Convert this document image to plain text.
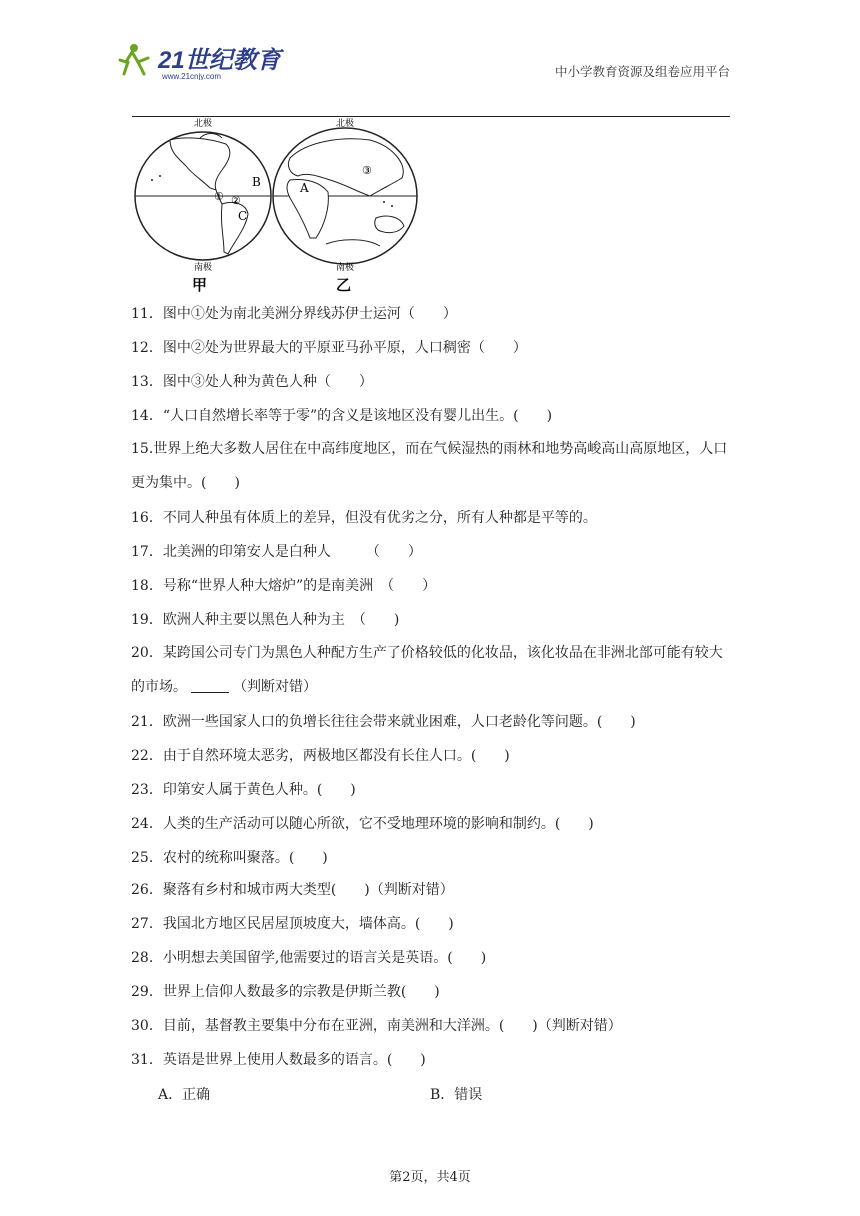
21世纪教育
www.21cnjy.com	中小学教育资源及组卷应用平台
北极
南极
B
C
① ②
甲
北极
南极
A
③
乙
11．图中①处为南北美洲分界线苏伊士运河（　　）
12．图中②处为世界最大的平原亚马孙平原，人口稠密（　　）
13．图中③处人种为黄色人种（　　）
14．“人口自然增长率等于零”的含义是该地区没有婴儿出生。(　　)
15.世界上绝大多数人居住在中高纬度地区，而在气候湿热的雨林和地势高峻高山高原地区，人口更为集中。(　　)
16．不同人种虽有体质上的差异，但没有优劣之分，所有人种都是平等的。
17．北美洲的印第安人是白种人　　　（　　）
18．号称“世界人种大熔炉”的是南美洲　（　　）
19．欧洲人种主要以黑色人种为主　（　　)
20．某跨国公司专门为黑色人种配方生产了价格较低的化妆品，该化妆品在非洲北部可能有较大的市场。	（判断对错）
21．欧洲一些国家人口的负增长往往会带来就业困难，人口老龄化等问题。(　　)
22．由于自然环境太恶劣，两极地区都没有长住人口。(　　)
23．印第安人属于黄色人种。(　　)
24．人类的生产活动可以随心所欲，它不受地理环境的影响和制约。(　　)
25．农村的统称叫聚落。(　　)
26．聚落有乡村和城市两大类型(　　)（判断对错）
27．我国北方地区民居屋顶坡度大，墙体高。(　　)
28．小明想去美国留学,他需要过的语言关是英语。(　　)
29．世界上信仰人数最多的宗教是伊斯兰教(　　)
30．目前，基督教主要集中分布在亚洲，南美洲和大洋洲。(　　)（判断对错）
31．英语是世界上使用人数最多的语言。(　　)
A．正确	B．错误
第2页，共4页
